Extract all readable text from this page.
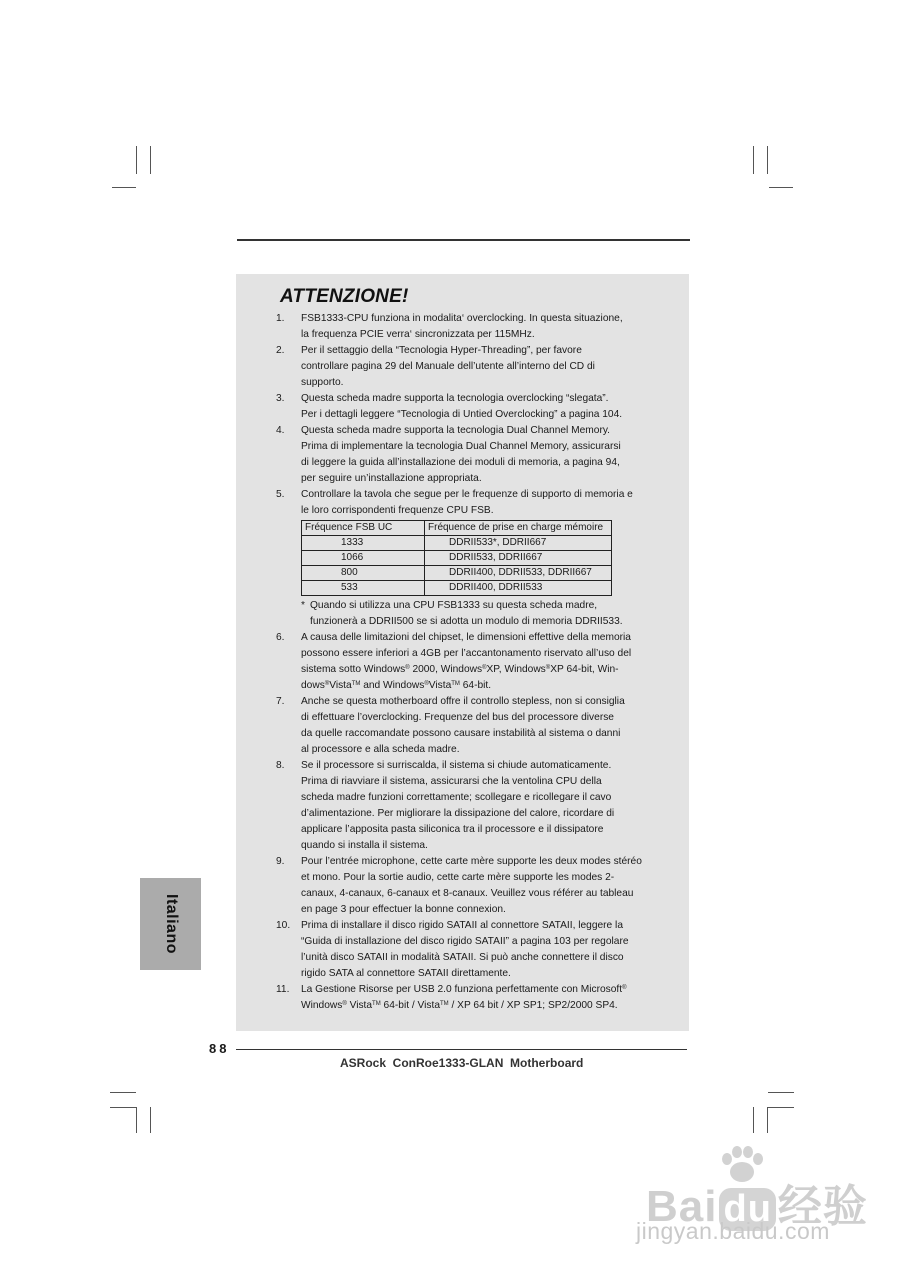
ATTENZIONE!
1.	FSB1333-CPU funziona in modalita‘ overclocking. In questa situazione,
la frequenza PCIE verra‘ sincronizzata per 115MHz.
2.	Per il settaggio della “Tecnologia Hyper-Threading”, per favore
controllare pagina 29 del Manuale dell’utente all’interno del CD di
supporto.
3.	Questa scheda madre supporta la tecnologia overclocking “slegata”.
Per i dettagli leggere “Tecnologia di Untied Overclocking” a pagina 104.
4.	Questa scheda madre supporta la tecnologia Dual Channel Memory.
Prima di implementare la tecnologia Dual Channel Memory, assicurarsi
di leggere la guida all’installazione dei moduli di memoria, a pagina 94,
per seguire un’installazione appropriata.
5.	Controllare la tavola che segue per le frequenze di supporto di memoria e
le loro corrispondenti frequenze CPU FSB.
Fréquence FSB UC	Fréquence de prise en charge mémoire
1333	DDRII533*, DDRII667
1066	DDRII533, DDRII667
800	DDRII400, DDRII533, DDRII667
533	DDRII400, DDRII533
* Quando si utilizza una CPU FSB1333 su questa scheda madre,
funzionerà a DDRII500 se si adotta un modulo di memoria DDRII533.
6.	A causa delle limitazioni del chipset, le dimensioni effettive della memoria
possono essere inferiori a 4GB per l’accantonamento riservato all’uso del
sistema sotto Windows® 2000, Windows®XP, Windows®XP 64-bit, Win-
dows®Vista™ and Windows®Vista™ 64-bit.
7.	Anche se questa motherboard offre il controllo stepless, non si consiglia
di effettuare l’overclocking. Frequenze del bus del processore diverse
da quelle raccomandate possono causare instabilità al sistema o danni
al processore e alla scheda madre.
8.	Se il processore si surriscalda, il sistema si chiude automaticamente.
Prima di riavviare il sistema, assicurarsi che la ventolina CPU della
scheda madre funzioni correttamente; scollegare e ricollegare il cavo
d’alimentazione. Per migliorare la dissipazione del calore, ricordare di
applicare l’apposita pasta siliconica tra il processore e il dissipatore
quando si installa il sistema.
9.	Pour l’entrée microphone, cette carte mère supporte les deux modes stéréo
et mono. Pour la sortie audio, cette carte mère supporte les modes 2-
canaux, 4-canaux, 6-canaux et 8-canaux. Veuillez vous référer au tableau
en page 3 pour effectuer la bonne connexion.
10.	Prima di installare il disco rigido SATAII al connettore SATAII, leggere la
“Guida di installazione del disco rigido SATAII” a pagina 103 per regolare
l’unità disco SATAII in modalità SATAII. Si può anche connettere il disco
rigido SATA al connettore SATAII direttamente.
11.	La Gestione Risorse per USB 2.0 funziona perfettamente con Microsoft®
Windows® Vista™ 64-bit / Vista™ / XP 64 bit / XP SP1; SP2/2000 SP4.
Italiano
88
ASRock  ConRoe1333-GLAN  Motherboard
Bai du 经验
jingyan.baidu.com
